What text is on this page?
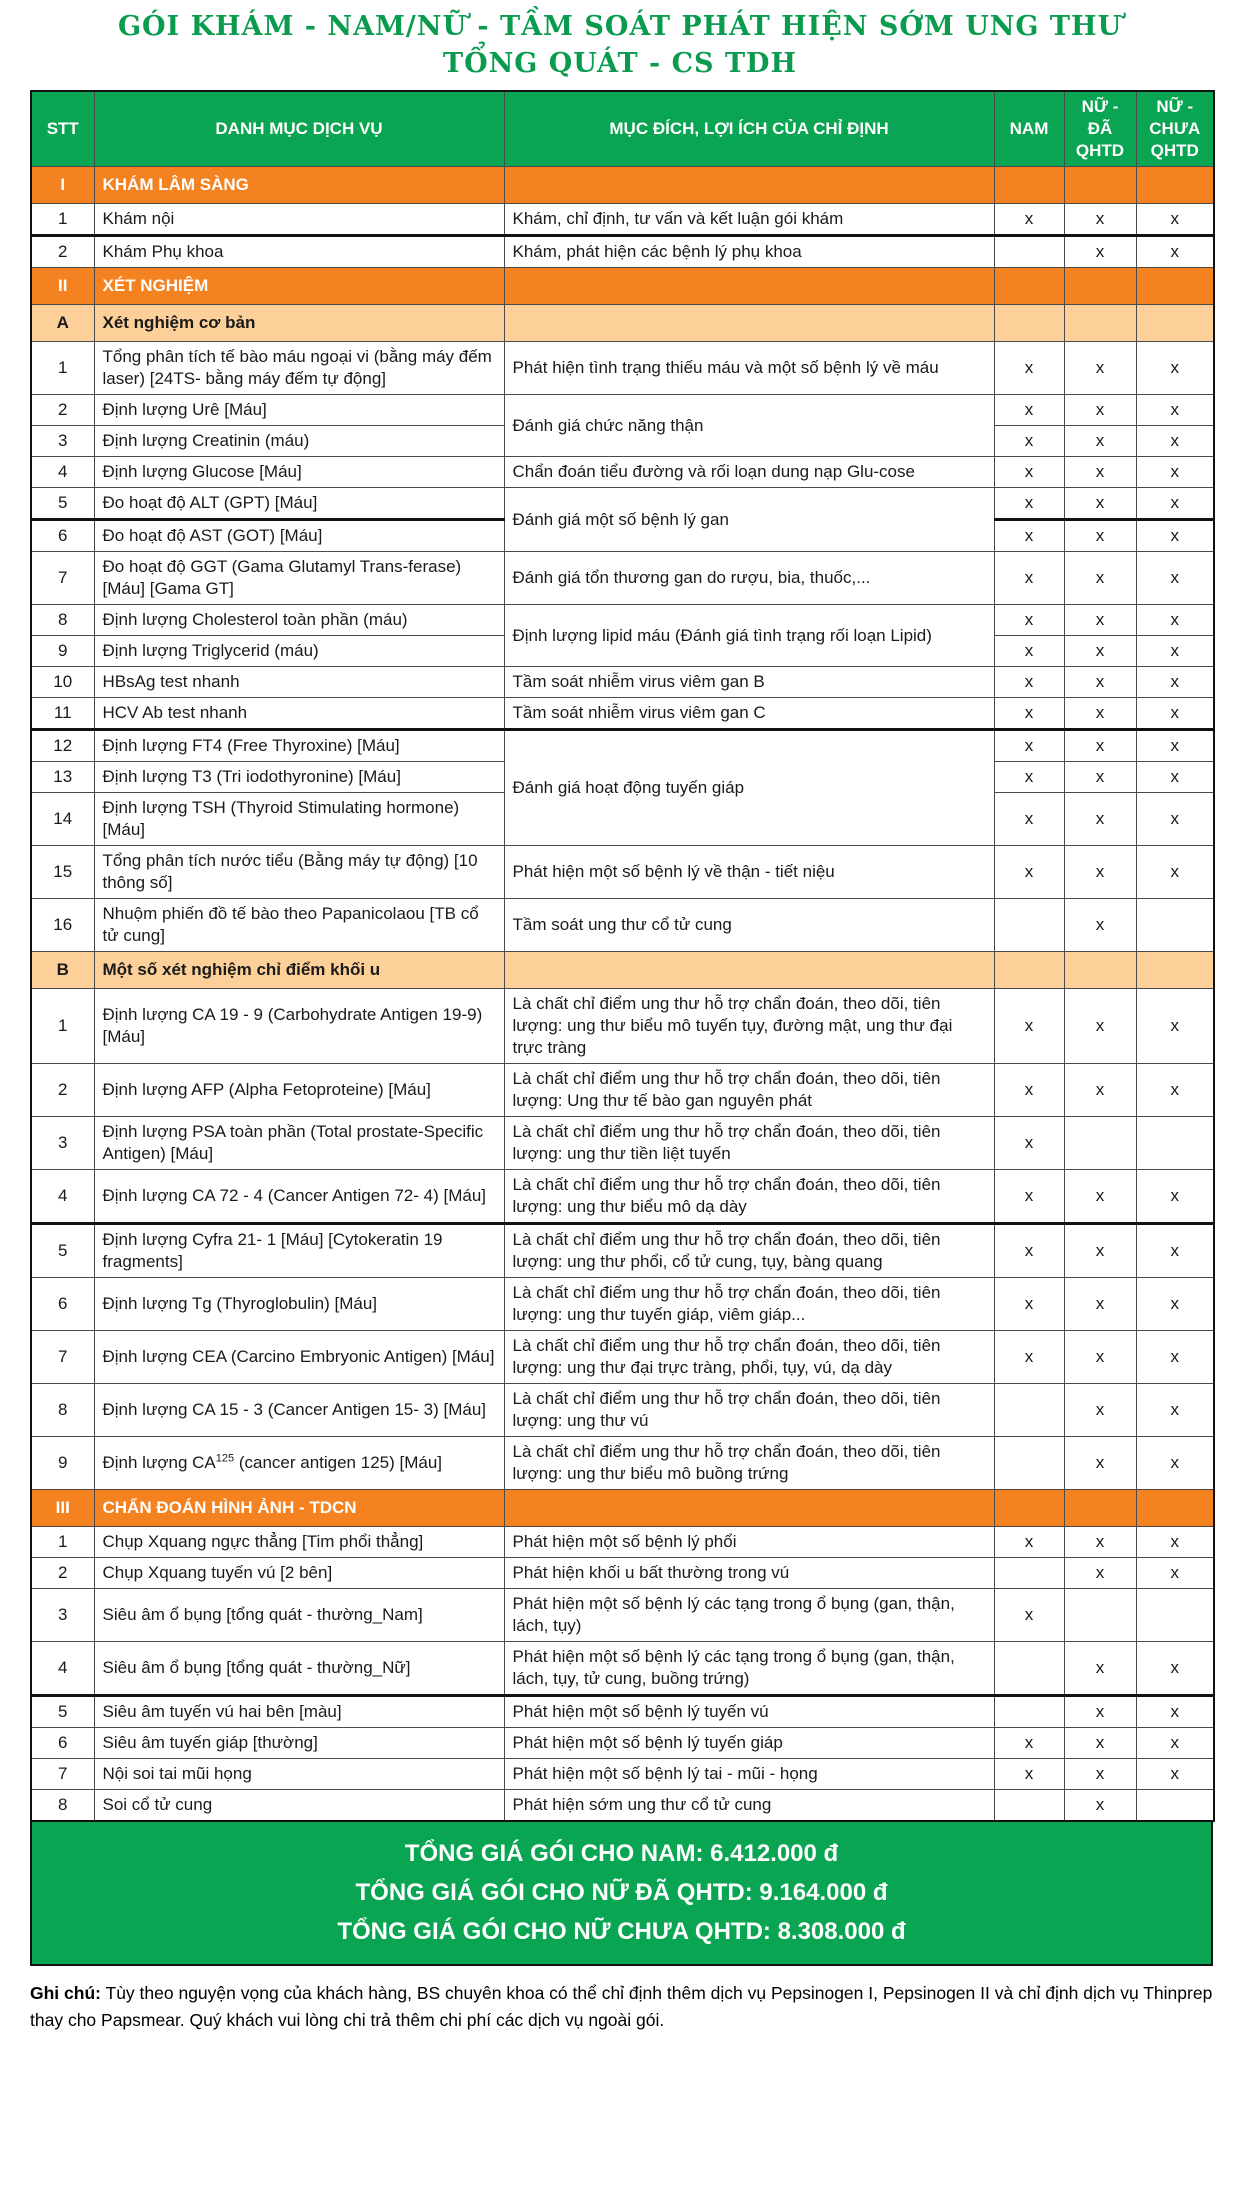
GÓI KHÁM - NAM/NỮ - TẦM SOÁT PHÁT HIỆN SỚM UNG THƯ
TỔNG QUÁT - CS TDH
STT	DANH MỤC DỊCH VỤ	MỤC ĐÍCH, LỢI ÍCH CỦA CHỈ ĐỊNH	NAM	NỮ - ĐÃ QHTD	NỮ - CHƯA QHTD
I	KHÁM LÂM SÀNG				
1	Khám nội	Khám, chỉ định, tư vấn và kết luận gói khám	x	x	x
2	Khám Phụ khoa	Khám, phát hiện các bệnh lý phụ khoa		x	x
II	XÉT NGHIỆM				
A	Xét nghiệm cơ bản				
1	Tổng phân tích tế bào máu ngoại vi (bằng máy đếm laser) [24TS- bằng máy đếm tự động]	Phát hiện tình trạng thiếu máu và một số bệnh lý về máu	x	x	x
2	Định lượng Urê [Máu]	Đánh giá chức năng thận	x	x	x
3	Định lượng Creatinin (máu)		x	x	x
4	Định lượng Glucose [Máu]	Chẩn đoán tiểu đường và rối loạn dung nạp Glu-cose	x	x	x
5	Đo hoạt độ ALT (GPT) [Máu]	Đánh giá một số bệnh lý gan	x	x	x
6	Đo hoạt độ AST (GOT) [Máu]		x	x	x
7	Đo hoạt độ GGT (Gama Glutamyl Trans-ferase) [Máu] [Gama GT]	Đánh giá tổn thương gan do rượu, bia, thuốc,...	x	x	x
8	Định lượng Cholesterol toàn phần (máu)	Định lượng lipid máu (Đánh giá tình trạng rối loạn Lipid)	x	x	x
9	Định lượng Triglycerid (máu)		x	x	x
10	HBsAg test nhanh	Tầm soát nhiễm virus viêm gan B	x	x	x
11	HCV Ab test nhanh	Tầm soát nhiễm virus viêm gan C	x	x	x
12	Định lượng FT4 (Free Thyroxine) [Máu]	Đánh giá hoạt động tuyến giáp	x	x	x
13	Định lượng T3 (Tri iodothyronine) [Máu]		x	x	x
14	Định lượng TSH (Thyroid Stimulating hormone) [Máu]		x	x	x
15	Tổng phân tích nước tiểu (Bằng máy tự động) [10 thông số]	Phát hiện một số bệnh lý về thận - tiết niệu	x	x	x
16	Nhuộm phiến đồ tế bào theo Papanicolaou [TB cổ tử cung]	Tầm soát ung thư cổ tử cung		x	
B	Một số xét nghiệm chỉ điểm khối u				
1	Định lượng CA 19 - 9 (Carbohydrate Antigen 19-9) [Máu]	Là chất chỉ điểm ung thư hỗ trợ chẩn đoán, theo dõi, tiên lượng: ung thư biểu mô tuyến tụy, đường mật, ung thư đại trực tràng	x	x	x
2	Định lượng AFP (Alpha Fetoproteine) [Máu]	Là chất chỉ điểm ung thư hỗ trợ chẩn đoán, theo dõi, tiên lượng: Ung thư tế bào gan nguyên phát	x	x	x
3	Định lượng PSA toàn phần (Total prostate-Specific Antigen) [Máu]	Là chất chỉ điểm ung thư hỗ trợ chẩn đoán, theo dõi, tiên lượng: ung thư tiền liệt tuyến	x		
4	Định lượng CA 72 - 4 (Cancer Antigen 72- 4) [Máu]	Là chất chỉ điểm ung thư hỗ trợ chẩn đoán, theo dõi, tiên lượng: ung thư biểu mô dạ dày	x	x	x
5	Định lượng Cyfra 21- 1 [Máu] [Cytokeratin 19 fragments]	Là chất chỉ điểm ung thư hỗ trợ chẩn đoán, theo dõi, tiên lượng: ung thư phổi, cổ tử cung, tụy, bàng quang	x	x	x
6	Định lượng Tg (Thyroglobulin) [Máu]	Là chất chỉ điểm ung thư hỗ trợ chẩn đoán, theo dõi, tiên lượng: ung thư tuyến giáp, viêm giáp...	x	x	x
7	Định lượng CEA (Carcino Embryonic Antigen) [Máu]	Là chất chỉ điểm ung thư hỗ trợ chẩn đoán, theo dõi, tiên lượng: ung thư đại trực tràng, phổi, tụy, vú, dạ dày	x	x	x
8	Định lượng CA 15 - 3 (Cancer Antigen 15- 3) [Máu]	Là chất chỉ điểm ung thư hỗ trợ chẩn đoán, theo dõi, tiên lượng: ung thư vú		x	x
9	Định lượng CA$^{125}$ (cancer antigen 125) [Máu]	Là chất chỉ điểm ung thư hỗ trợ chẩn đoán, theo dõi, tiên lượng: ung thư biểu mô buồng trứng		x	x
III	CHẨN ĐOÁN HÌNH ẢNH - TDCN				
1	Chụp Xquang ngực thẳng [Tim phổi thẳng]	Phát hiện một số bệnh lý phổi	x	x	x
2	Chụp Xquang tuyến vú [2 bên]	Phát hiện khối u bất thường trong vú		x	x
3	Siêu âm ổ bụng [tổng quát - thường_Nam]	Phát hiện một số bệnh lý các tạng trong ổ bụng (gan, thận, lách, tụy)	x		
4	Siêu âm ổ bụng [tổng quát - thường_Nữ]	Phát hiện một số bệnh lý các tạng trong ổ bụng (gan, thận, lách, tụy, tử cung, buồng trứng)		x	x
5	Siêu âm tuyến vú hai bên [màu]	Phát hiện một số bệnh lý tuyến vú		x	x
6	Siêu âm tuyến giáp [thường]	Phát hiện một số bệnh lý tuyến giáp	x	x	x
7	Nội soi tai mũi họng	Phát hiện một số bệnh lý tai - mũi - họng	x	x	x
8	Soi cổ tử cung	Phát hiện sớm ung thư cổ tử cung		x	
TỔNG GIÁ GÓI CHO NAM: 6.412.000 đ
TỔNG GIÁ GÓI CHO NỮ ĐÃ QHTD: 9.164.000 đ
TỔNG GIÁ GÓI CHO NỮ CHƯA QHTD: 8.308.000 đ
Ghi chú: Tùy theo nguyện vọng của khách hàng, BS chuyên khoa có thể chỉ định thêm dịch vụ Pepsinogen I, Pepsinogen II và chỉ định dịch vụ Thinprep thay cho Papsmear. Quý khách vui lòng chi trả thêm chi phí các dịch vụ ngoài gói.
